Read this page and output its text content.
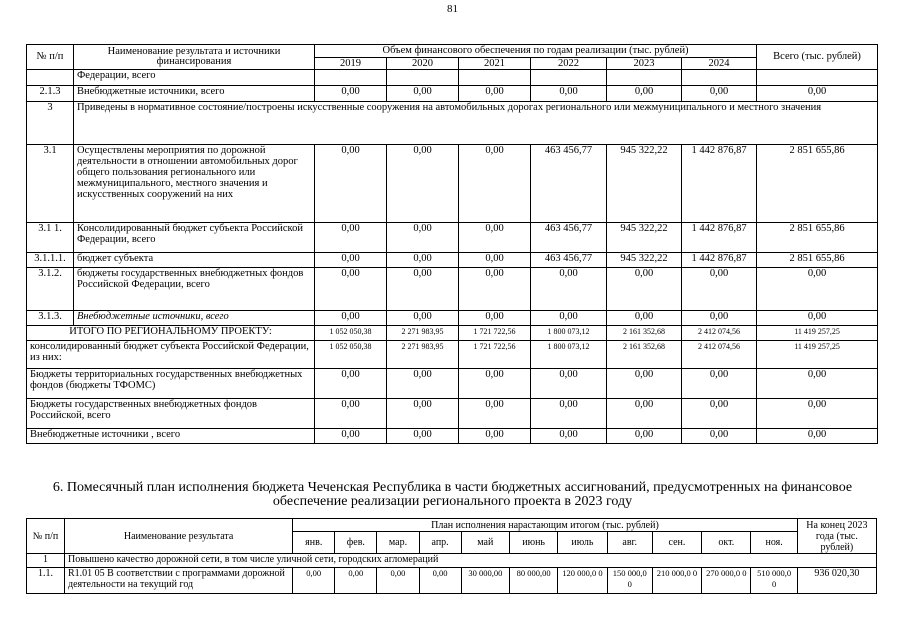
81
№ п/п	Наименование результата и источники финансирования	Объем финансового обеспечения по годам реализации (тыс. рублей)						Всего (тыс. рублей)
		2019	2020	2021	2022	2023	2024	
	Федерации, всего							
2.1.3	Внебюджетные источники, всего	0,00	0,00	0,00	0,00	0,00	0,00	0,00
3	Приведены в нормативное состояние/построены искусственные сооружения на автомобильных дорогах регионального или межмуниципального и местного значения							
3.1	Осуществлены мероприятия по дорожной деятельности в отношении автомобильных дорог общего пользования регионального или межмуниципального, местного значения и искусственных сооружений на них	0,00	0,00	0,00	463 456,77	945 322,22	1 442 876,87	2 851 655,86
3.1 1.	Консолидированный бюджет субъекта Российской Федерации, всего	0,00	0,00	0,00	463 456,77	945 322,22	1 442 876,87	2 851 655,86
3.1.1.1.	бюджет субъекта	0,00	0,00	0,00	463 456,77	945 322,22	1 442 876,87	2 851 655,86
3.1.2.	бюджеты государственных внебюджетных фондов Российской Федерации, всего	0,00	0,00	0,00	0,00	0,00	0,00	0,00
3.1.3.	Внебюджетные источники, всего	0,00	0,00	0,00	0,00	0,00	0,00	0,00
ИТОГО ПО РЕГИОНАЛЬНОМУ ПРОЕКТУ:		1 052 050,38	2 271 983,95	1 721 722,56	1 800 073,12	2 161 352,68	2 412 074,56	11 419 257,25
консолидированный бюджет субъекта Российской Федерации, из них:		1 052 050,38	2 271 983,95	1 721 722,56	1 800 073,12	2 161 352,68	2 412 074,56	11 419 257,25
Бюджеты территориальных государственных внебюджетных фондов (бюджеты ТФОМС)		0,00	0,00	0,00	0,00	0,00	0,00	0,00
Бюджеты государственных внебюджетных фондов Российской, всего		0,00	0,00	0,00	0,00	0,00	0,00	0,00
Внебюджетные источники , всего		0,00	0,00	0,00	0,00	0,00	0,00	0,00
6. Помесячный план исполнения бюджета Чеченская Республика в части бюджетных ассигнований, предусмотренных на финансовое обеспечение реализации регионального проекта в 2023 году
№ п/п	Наименование результата	План исполнения нарастающим итогом (тыс. рублей)											На конец 2023 года (тыс. рублей)
		янв.	фев.	мар.	апр.	май	июнь	июль	авг.	сен.	окт.	ноя.	
1	Повышено качество дорожной сети, в том числе уличной сети, городских агломераций												
1.1.	R1.01 05 В соответствии с программами дорожной деятельности на текущий год	0,00	0,00	0,00	0,00	30 000,00	80 000,00	120 000,0 0	150 000,0 0	210 000,0 0	270 000,0 0	510 000,0 0	936 020,30
